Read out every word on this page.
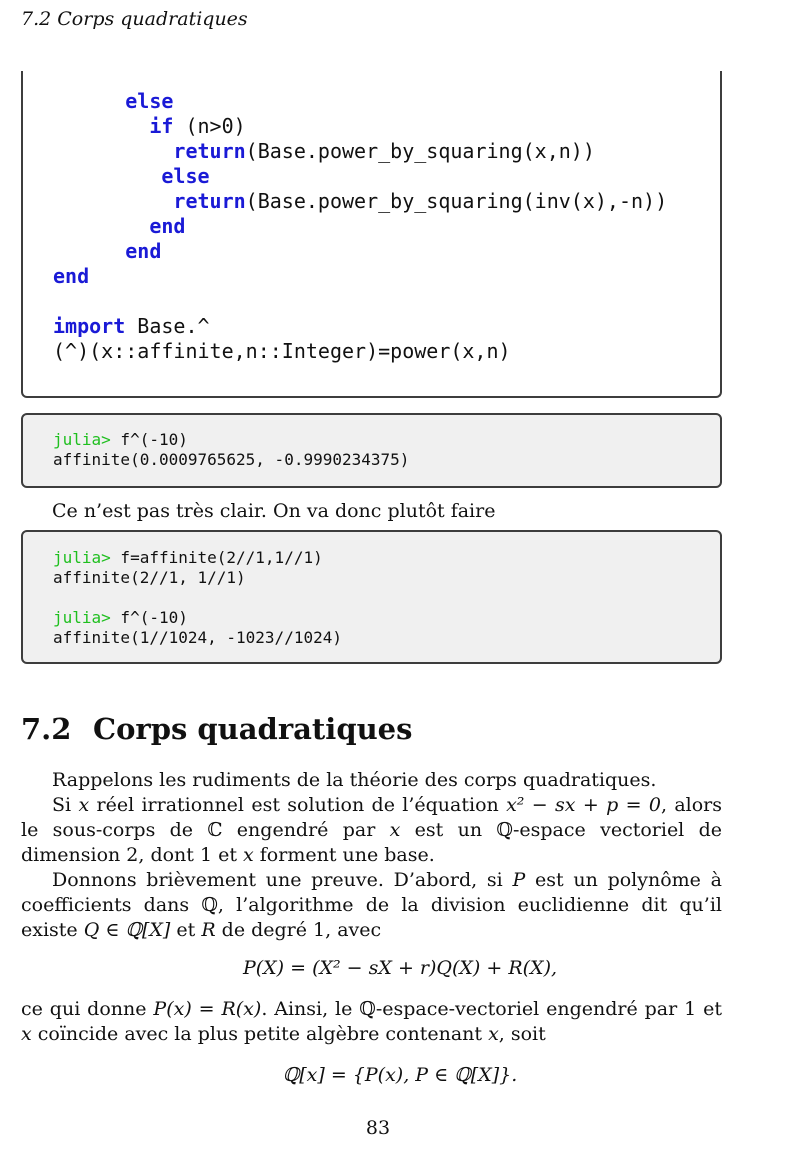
7.2 Corps quadratiques
else
if (n>0)
return(Base.power_by_squaring(x,n))
else
return(Base.power_by_squaring(inv(x),-n))
end
end
end

import Base.^
(^)(x::affinite,n::Integer)=power(x,n)
julia> f^(-10)
affinite(0.0009765625, -0.9990234375)
Ce n’est pas très clair. On va donc plutôt faire
julia> f=affinite(2//1,1//1)
affinite(2//1, 1//1)

julia> f^(-10)
affinite(1//1024, -1023//1024)
7.2 Corps quadratiques
Rappelons les rudiments de la théorie des corps quadratiques.
Si x réel irrationnel est solution de l’équation x² − sx + p = 0, alors le sous-corps de ℂ engendré par x est un ℚ-espace vectoriel de dimension 2, dont 1 et x forment une base.
Donnons brièvement une preuve. D’abord, si P est un polynôme à coefficients dans ℚ, l’algorithme de la division euclidienne dit qu’il existe Q ∈ ℚ[X] et R de degré 1, avec
P(X) = (X² − sX + r)Q(X) + R(X),
ce qui donne P(x) = R(x). Ainsi, le ℚ-espace-vectoriel engendré par 1 et x coïncide avec la plus petite algèbre contenant x, soit
ℚ[x] = {P(x), P ∈ ℚ[X]}.
83
